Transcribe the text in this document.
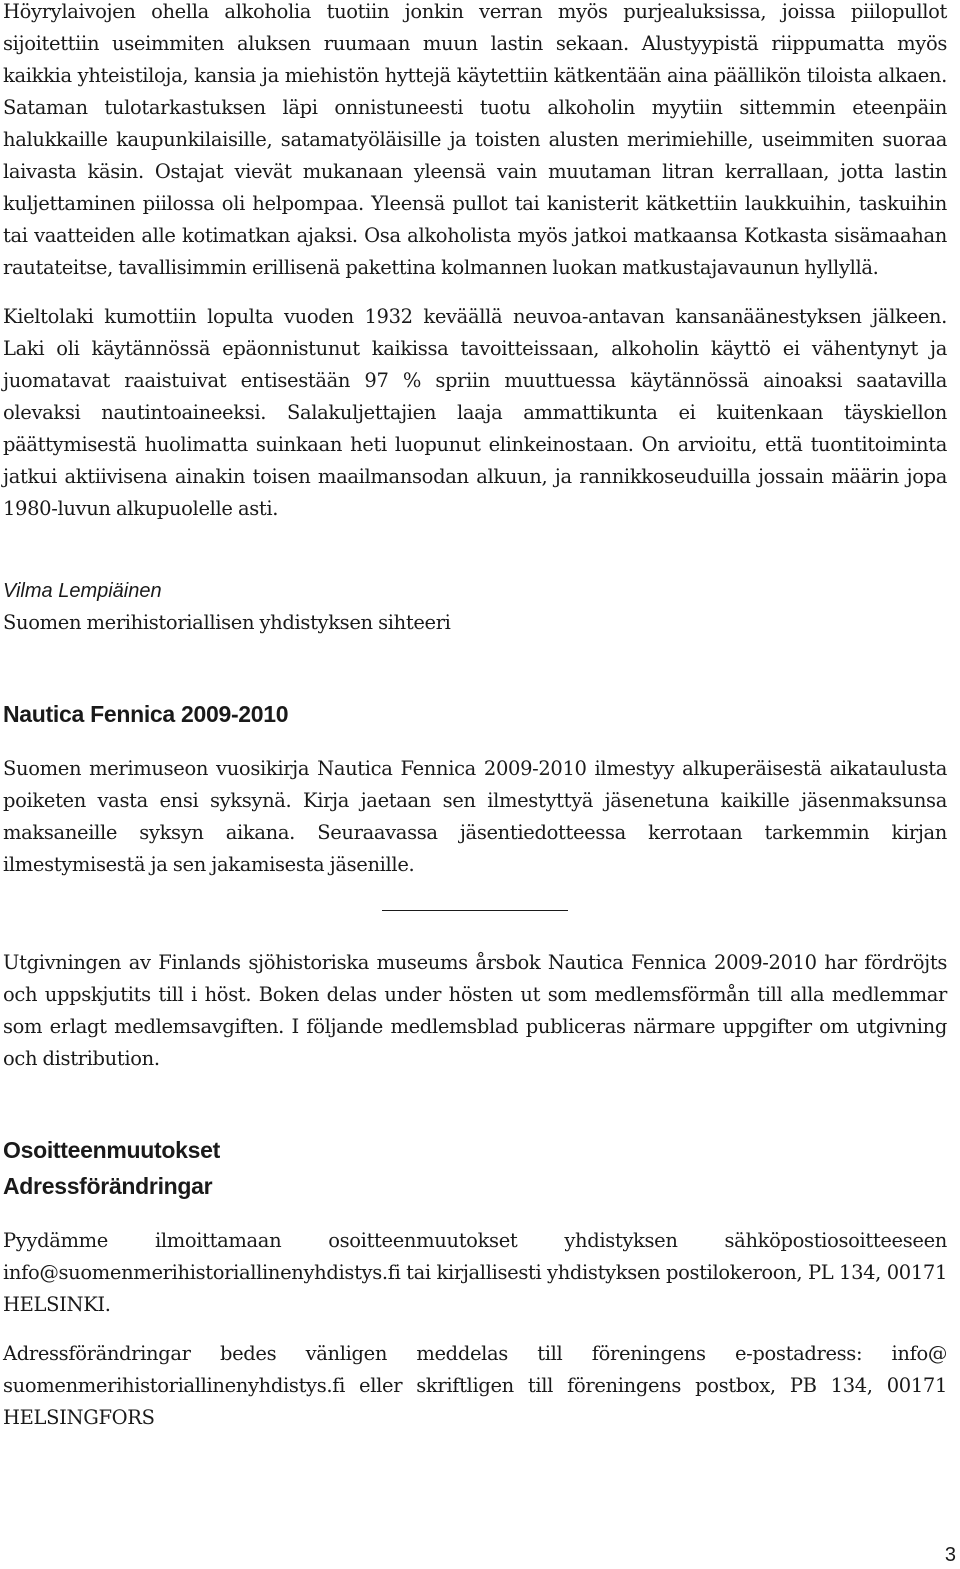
Höyrylaivojen ohella alkoholia tuotiin jonkin verran myös purjealuksissa, joissa piilopullot sijoitettiin useimmiten aluksen ruumaan muun lastin sekaan. Alustyypistä riippumatta myös kaikkia yhteistiloja, kansia ja miehistön hyttejä käytettiin kätkentään aina päällikön tiloista alkaen. Sataman tulotarkastuksen läpi onnistuneesti tuotu alkoholin myytiin sittemmin eteenpäin halukkaille kaupunkilaisille, satamatyöläisille ja toisten alusten merimiehille, useimmiten suoraa laivasta käsin. Ostajat vievät mukanaan yleensä vain muutaman litran kerrallaan, jotta lastin kuljettaminen piilossa oli helpompaa. Yleensä pullot tai kanisterit kätkettiin laukkuihin, taskuihin tai vaatteiden alle kotimatkan ajaksi. Osa alkoholista myös jatkoi matkaansa Kotkasta sisämaahan rautateitse, tavallisimmin erillisenä pakettina kolmannen luokan matkustajavaunun hyllyllä.

Kieltolaki kumottiin lopulta vuoden 1932 keväällä neuvoa-antavan kansanäänestyksen jälkeen. Laki oli käytännössä epäonnistunut kaikissa tavoitteissaan, alkoholin käyttö ei vähentynyt ja juomatavat raaistuivat entisestään 97 % spriin muuttuessa käytännössä ainoaksi saatavilla olevaksi nautintoaineeksi. Salakuljettajien laaja ammattikunta ei kuitenkaan täyskiellon päättymisestä huolimatta suinkaan heti luopunut elinkeinostaan. On arvioitu, että tuontitoiminta jatkui aktiivisena ainakin toisen maailmansodan alkuun, ja rannikkoseuduilla jossain määrin jopa 1980-luvun alkupuolelle asti.

Vilma Lempiäinen

Suomen merihistoriallisen yhdistyksen sihteeri

Nautica Fennica 2009-2010

Suomen merimuseon vuosikirja Nautica Fennica 2009-2010 ilmestyy alkuperäisestä aikataulusta poiketen vasta ensi syksynä. Kirja jaetaan sen ilmestyttyä jäsenetuna kaikille jäsenmaksunsa maksaneille syksyn aikana. Seuraavassa jäsentiedotteessa kerrotaan tarkemmin kirjan ilmestymisestä ja sen jakamisesta jäsenille.

Utgivningen av Finlands sjöhistoriska museums årsbok Nautica Fennica 2009-2010 har fördröjts och uppskjutits till i höst. Boken delas under hösten ut som medlemsförmån till alla medlemmar som erlagt medlemsavgiften. I följande medlemsblad publiceras närmare uppgifter om utgivning och distribution.

Osoitteenmuutokset
Adressförändringar

Pyydämme ilmoittamaan osoitteenmuutokset yhdistyksen sähköpostiosoitteeseen info@suomenmerihistoriallinenyhdistys.fi tai kirjallisesti yhdistyksen postilokeroon, PL 134, 00171 HELSINKI.

Adressförändringar bedes vänligen meddelas till föreningens e-postadress: info@ suomenmerihistoriallinenyhdistys.fi eller skriftligen till föreningens postbox, PB 134, 00171 HELSINGFORS

3
